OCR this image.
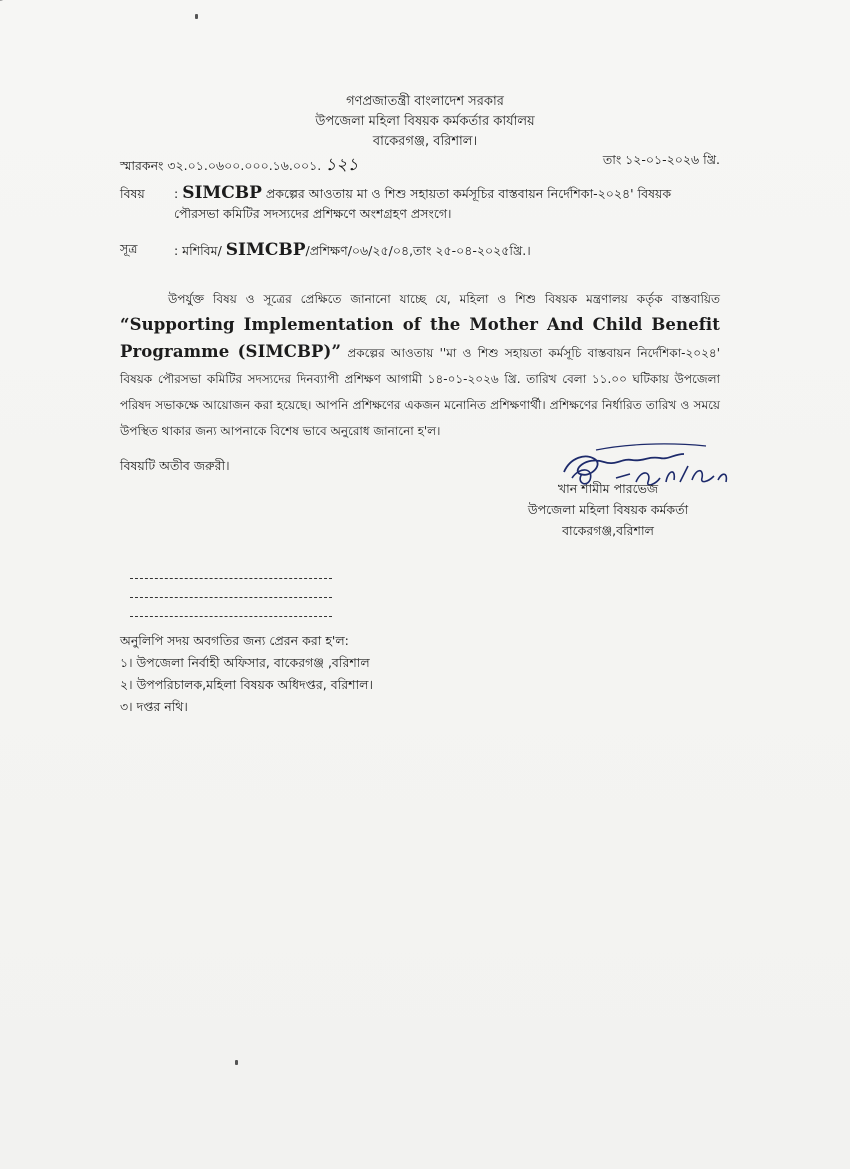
গণপ্রজাতন্ত্রী বাংলাদেশ সরকার
উপজেলা মহিলা বিষয়ক কর্মকর্তার কার্যালয়
বাকেরগঞ্জ, বরিশাল।
স্মারকনং ৩২.০১.০৬০০.০০০.১৬.০০১. ১২১	তাং ১২-০১-২০২৬ খ্রি.
বিষয় : SIMCBP প্রকল্পের আওতায় মা ও শিশু সহায়তা কর্মসূচির বাস্তবায়ন নির্দেশিকা-২০২৪' বিষয়ক পৌরসভা কমিটির সদস্যদের প্রশিক্ষণে অংশগ্রহণ প্রসংগে।
সূত্র	: মশিবিম/ SIMCBP/প্রশিক্ষণ/০৬/২৫/০৪,তাং ২৫-০৪-২০২৫খ্রি.।
উপর্যুক্ত বিষয় ও সূত্রের প্রেক্ষিতে জানানো যাচ্ছে যে, মহিলা ও শিশু বিষয়ক মন্ত্রণালয় কর্তৃক বাস্তবায়িত “Supporting Implementation of the Mother And Child Benefit Programme (SIMCBP)” প্রকল্পের আওতায় ''মা ও শিশু সহায়তা কর্মসূচি বাস্তবায়ন নির্দেশিকা-২০২৪' বিষয়ক পৌরসভা কমিটির সদস্যদের দিনব্যাপী প্রশিক্ষণ আগামী ১৪-০১-২০২৬ খ্রি. তারিখ বেলা ১১.০০ ঘটিকায় উপজেলা পরিষদ সভাকক্ষে আয়োজন করা হয়েছে। আপনি প্রশিক্ষণের একজন মনোনিত প্রশিক্ষণার্থী। প্রশিক্ষণের নির্ধারিত তারিখ ও সময়ে উপস্থিত থাকার জন্য আপনাকে বিশেষ ভাবে অনুরোধ জানানো হ'ল।
বিষয়টি অতীব জরুরী।
খান শামীম পারভেজ
উপজেলা মহিলা বিষয়ক কর্মকর্তা
বাকেরগঞ্জ,বরিশাল
অনুলিপি সদয় অবগতির জন্য প্রেরন করা হ'ল:
১। উপজেলা নির্বাহী অফিসার, বাকেরগঞ্জ ,বরিশাল
২। উপপরিচালক,মহিলা বিষয়ক অধিদপ্তর, বরিশাল।
৩। দপ্তর নথি।
